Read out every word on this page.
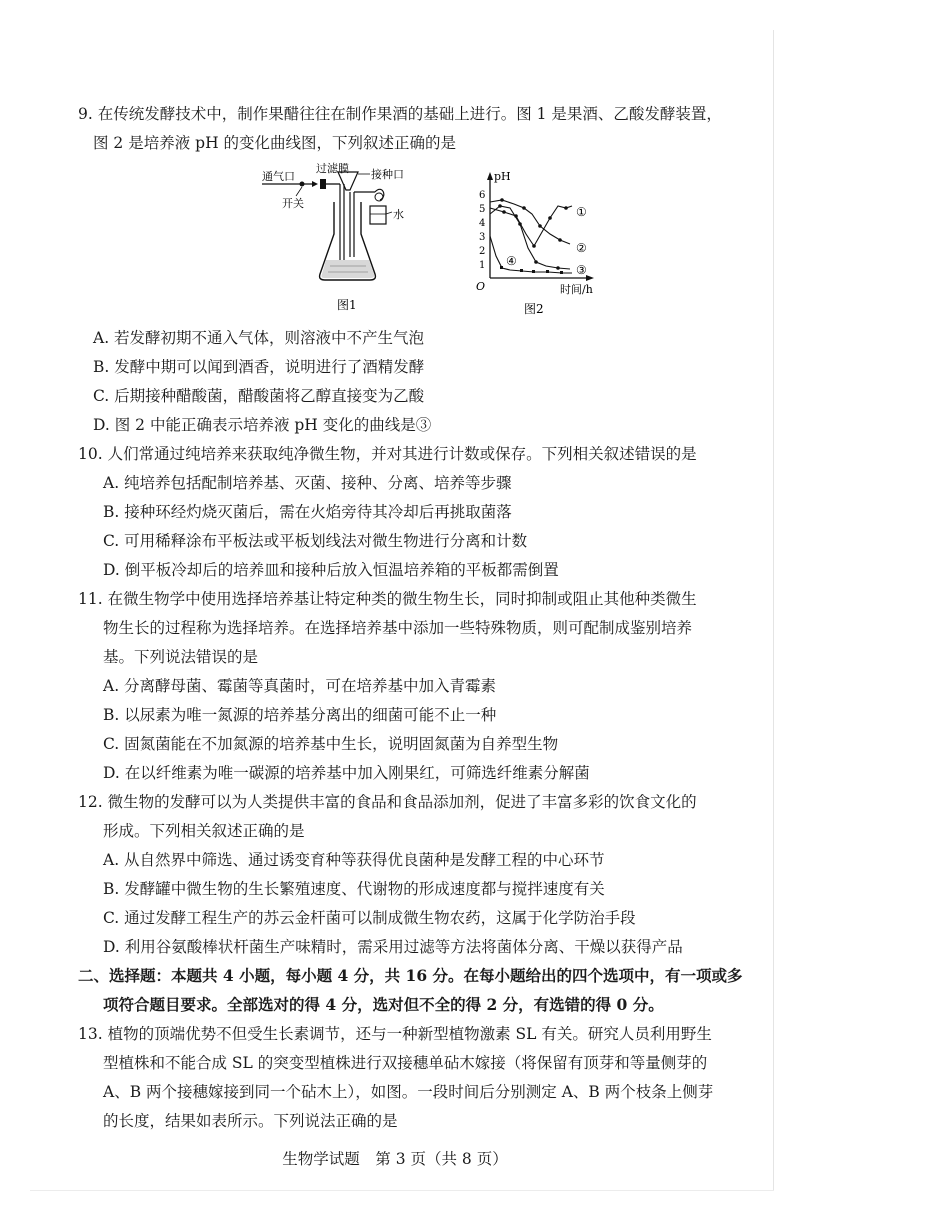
9. 在传统发酵技术中，制作果醋往往在制作果酒的基础上进行。图 1 是果酒、乙酸发酵装置，
图 2 是培养液 pH 的变化曲线图，下列叙述正确的是
通气口
开关
过滤膜 接种口
水
图1
pH
时间/h
O
1
2
3
4
5
6
①
②
③
④
图2
A. 若发酵初期不通入气体，则溶液中不产生气泡
B. 发酵中期可以闻到酒香，说明进行了酒精发酵
C. 后期接种醋酸菌，醋酸菌将乙醇直接变为乙酸
D. 图 2 中能正确表示培养液 pH 变化的曲线是③
10. 人们常通过纯培养来获取纯净微生物，并对其进行计数或保存。下列相关叙述错误的是
A. 纯培养包括配制培养基、灭菌、接种、分离、培养等步骤
B. 接种环经灼烧灭菌后，需在火焰旁待其冷却后再挑取菌落
C. 可用稀释涂布平板法或平板划线法对微生物进行分离和计数
D. 倒平板冷却后的培养皿和接种后放入恒温培养箱的平板都需倒置
11. 在微生物学中使用选择培养基让特定种类的微生物生长，同时抑制或阻止其他种类微生
物生长的过程称为选择培养。在选择培养基中添加一些特殊物质，则可配制成鉴别培养
基。下列说法错误的是
A. 分离酵母菌、霉菌等真菌时，可在培养基中加入青霉素
B. 以尿素为唯一氮源的培养基分离出的细菌可能不止一种
C. 固氮菌能在不加氮源的培养基中生长，说明固氮菌为自养型生物
D. 在以纤维素为唯一碳源的培养基中加入刚果红，可筛选纤维素分解菌
12. 微生物的发酵可以为人类提供丰富的食品和食品添加剂，促进了丰富多彩的饮食文化的
形成。下列相关叙述正确的是
A. 从自然界中筛选、通过诱变育种等获得优良菌种是发酵工程的中心环节
B. 发酵罐中微生物的生长繁殖速度、代谢物的形成速度都与搅拌速度有关
C. 通过发酵工程生产的苏云金杆菌可以制成微生物农药，这属于化学防治手段
D. 利用谷氨酸棒状杆菌生产味精时，需采用过滤等方法将菌体分离、干燥以获得产品
二、选择题：本题共 4 小题，每小题 4 分，共 16 分。在每小题给出的四个选项中，有一项或多
项符合题目要求。全部选对的得 4 分，选对但不全的得 2 分，有选错的得 0 分。
13. 植物的顶端优势不但受生长素调节，还与一种新型植物激素 SL 有关。研究人员利用野生
型植株和不能合成 SL 的突变型植株进行双接穗单砧木嫁接（将保留有顶芽和等量侧芽的
A、B 两个接穗嫁接到同一个砧木上），如图。一段时间后分别测定 A、B 两个枝条上侧芽
的长度，结果如表所示。下列说法正确的是
生物学试题　第 3 页（共 8 页）
